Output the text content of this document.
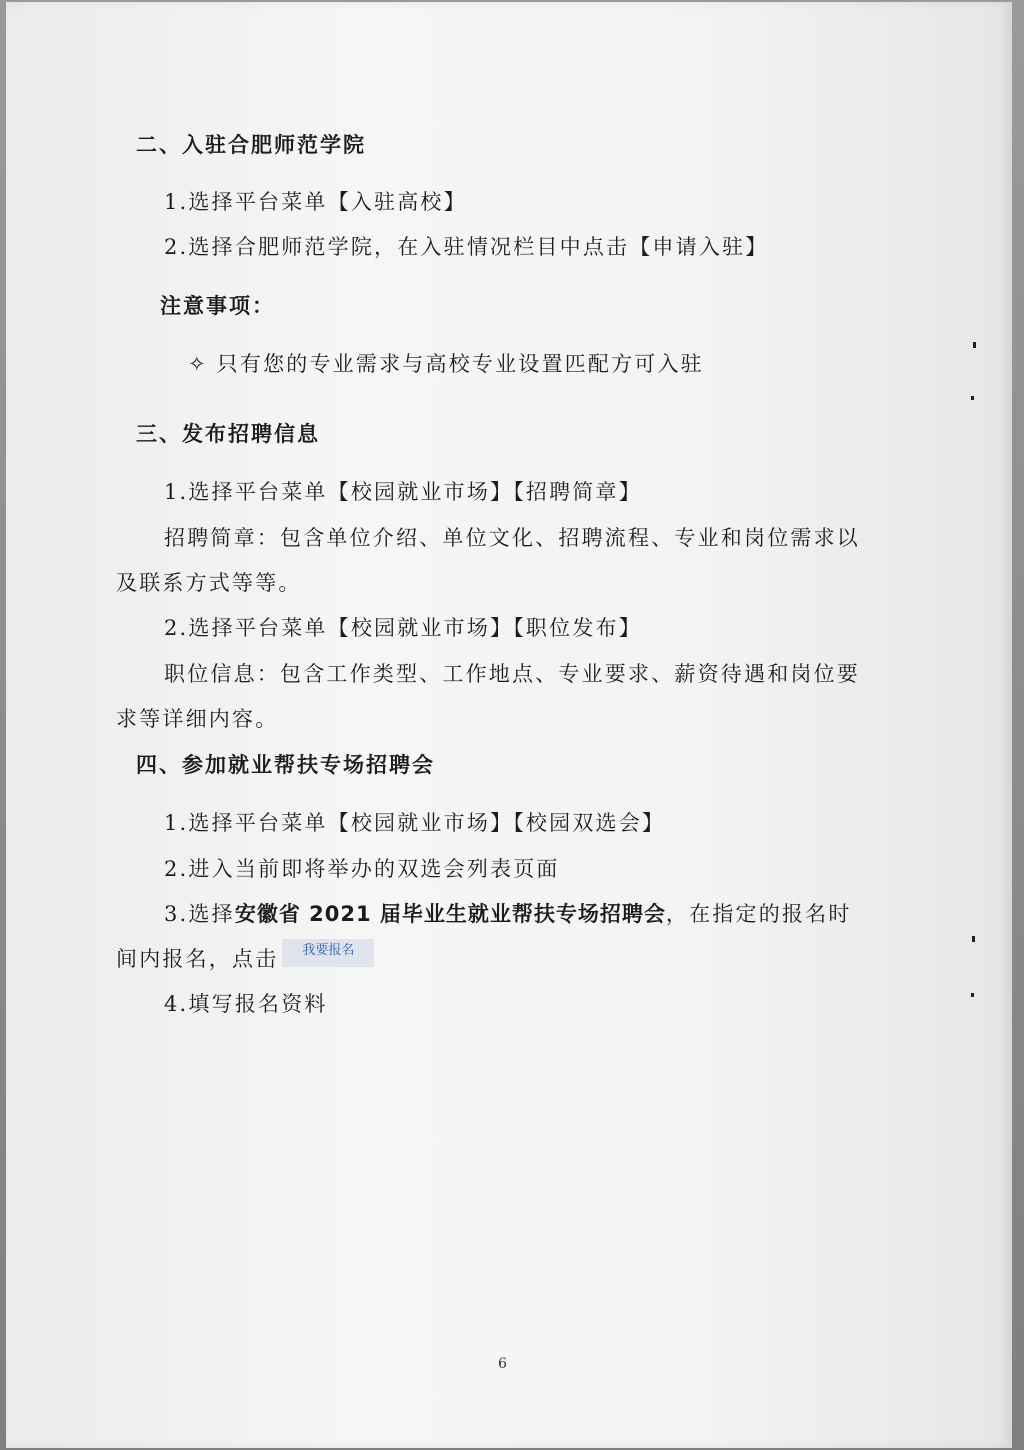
二、入驻合肥师范学院
1.选择平台菜单【入驻高校】
2.选择合肥师范学院，在入驻情况栏目中点击【申请入驻】
注意事项：
✧ 只有您的专业需求与高校专业设置匹配方可入驻
三、发布招聘信息
1.选择平台菜单【校园就业市场】【招聘简章】
招聘简章：包含单位介绍、单位文化、招聘流程、专业和岗位需求以
及联系方式等等。
2.选择平台菜单【校园就业市场】【职位发布】
职位信息：包含工作类型、工作地点、专业要求、薪资待遇和岗位要
求等详细内容。
四、参加就业帮扶专场招聘会
1.选择平台菜单【校园就业市场】【校园双选会】
2.进入当前即将举办的双选会列表页面
3.选择安徽省 2021 届毕业生就业帮扶专场招聘会，在指定的报名时
间内报名，点击 我要报名
4.填写报名资料
6
